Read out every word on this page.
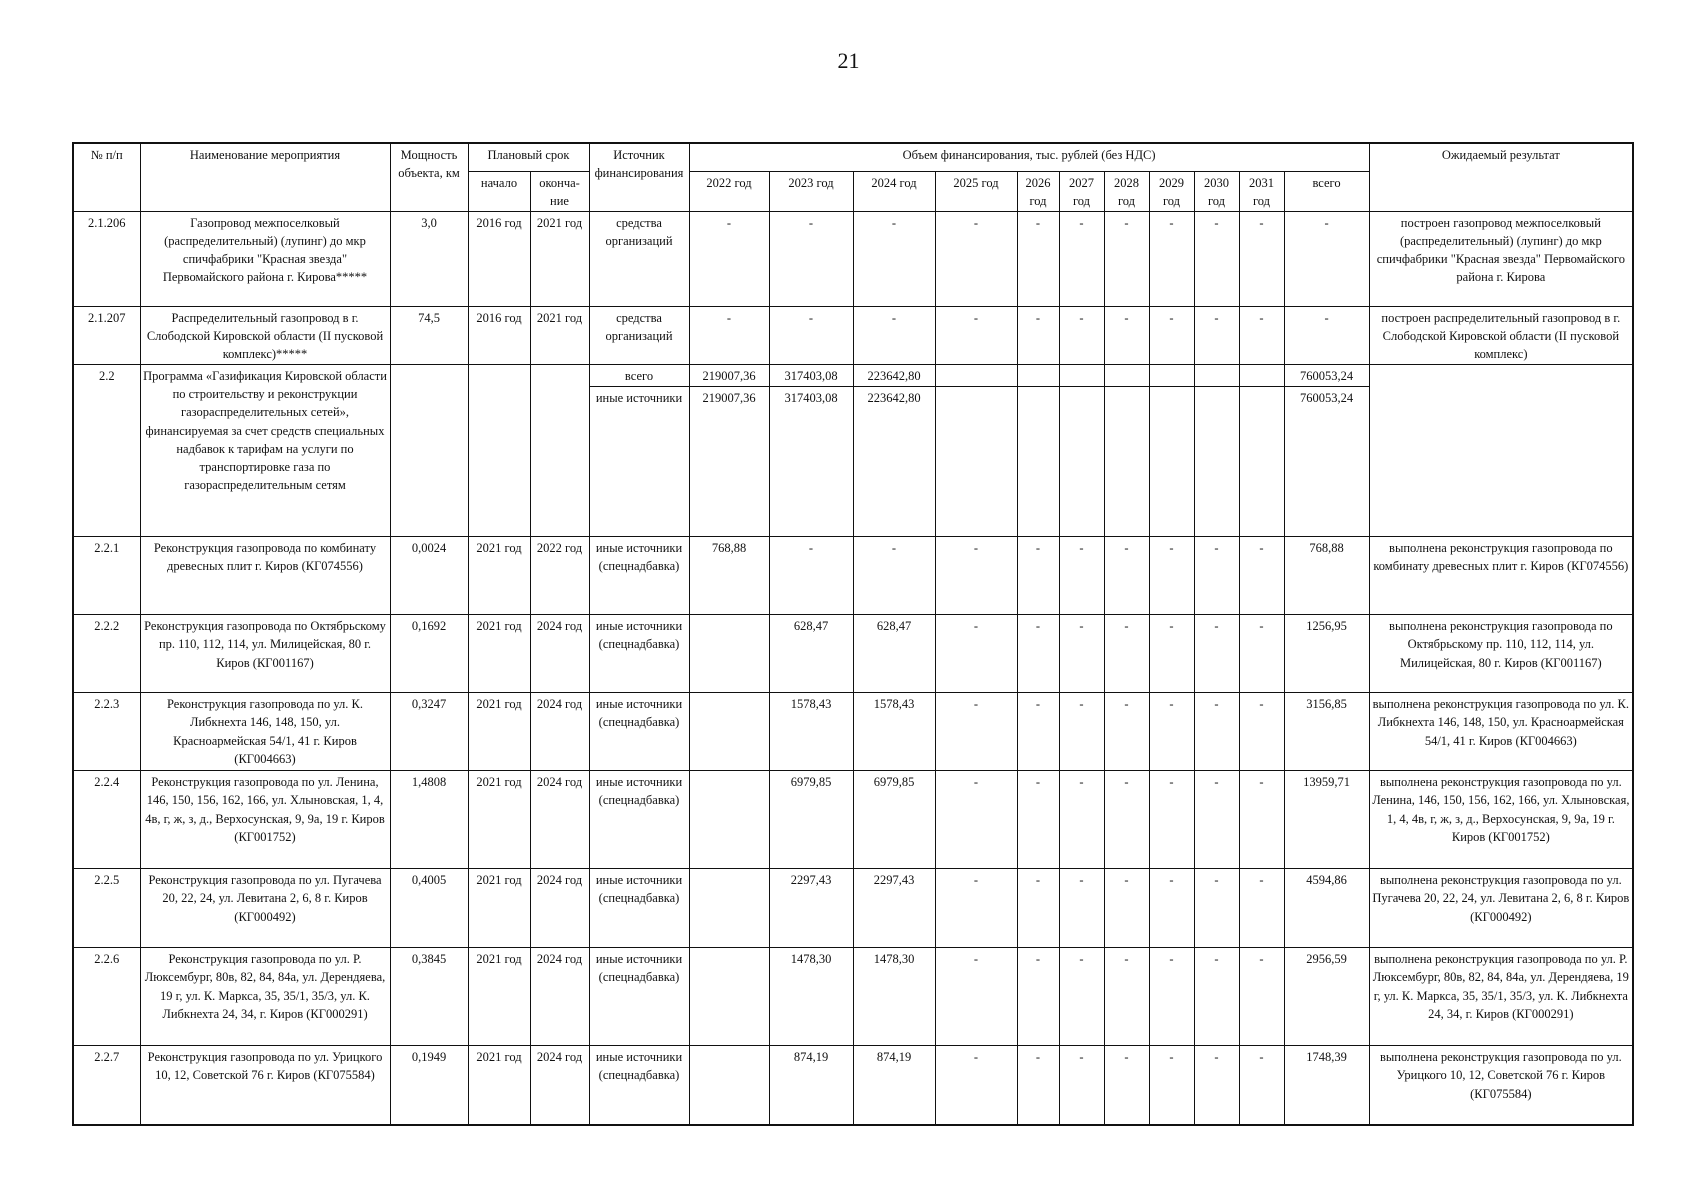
21
№ п/п	Наименование мероприятия	Мощность объекта, км	Плановый срок		Источник финансирования	Объем финансирования, тыс. рублей (без НДС)											Ожидаемый результат
			начало	оконча-ние		2022 год	2023 год	2024 год	2025 год	2026 год	2027 год	2028 год	2029 год	2030 год	2031 год	всего	
2.1.206	Газопровод межпоселковый (распределительный) (лупинг) до мкр спичфабрики "Красная звезда" Первомайского района г. Кирова*****	3,0	2016 год	2021 год	средства организаций	-	-	-	-	-	-	-	-	-	-	-	построен газопровод межпоселковый (распределительный) (лупинг) до мкр спичфабрики "Красная звезда" Первомайского района г. Кирова
2.1.207	Распределительный газопровод в г. Слободской Кировской области (II пусковой комплекс)*****	74,5	2016 год	2021 год	средства организаций	-	-	-	-	-	-	-	-	-	-	-	построен распределительный газопровод в г. Слободской Кировской области (II пусковой комплекс)
2.2	Программа «Газификация Кировской области по строительству и реконструкции газораспределительных сетей», финансируемая за счет средств специальных надбавок к тарифам на услуги по транспортировке газа по газораспределительным сетям				всего	219007,36	317403,08	223642,80								760053,24	
					иные источники	219007,36	317403,08	223642,80								760053,24	
2.2.1	Реконструкция газопровода по комбинату древесных плит г. Киров (КГ074556)	0,0024	2021 год	2022 год	иные источники (спецнадбавка)	768,88	-	-	-	-	-	-	-	-	-	768,88	выполнена реконструкция газопровода по комбинату древесных плит г. Киров (КГ074556)
2.2.2	Реконструкция газопровода по Октябрьскому пр. 110, 112, 114, ул. Милицейская, 80 г. Киров (КГ001167)	0,1692	2021 год	2024 год	иные источники (спецнадбавка)		628,47	628,47	-	-	-	-	-	-	-	1256,95	выполнена реконструкция газопровода по Октябрьскому пр. 110, 112, 114, ул. Милицейская, 80 г. Киров (КГ001167)
2.2.3	Реконструкция газопровода по ул. К. Либкнехта 146, 148, 150, ул. Красноармейская 54/1, 41 г. Киров (КГ004663)	0,3247	2021 год	2024 год	иные источники (спецнадбавка)		1578,43	1578,43	-	-	-	-	-	-	-	3156,85	выполнена реконструкция газопровода по ул. К. Либкнехта 146, 148, 150, ул. Красноармейская 54/1, 41 г. Киров (КГ004663)
2.2.4	Реконструкция газопровода по ул. Ленина, 146, 150, 156, 162, 166, ул. Хлыновская, 1, 4, 4в, г, ж, з, д., Верхосунская, 9, 9а, 19 г. Киров (КГ001752)	1,4808	2021 год	2024 год	иные источники (спецнадбавка)		6979,85	6979,85	-	-	-	-	-	-	-	13959,71	выполнена реконструкция газопровода по ул. Ленина, 146, 150, 156, 162, 166, ул. Хлыновская, 1, 4, 4в, г, ж, з, д., Верхосунская, 9, 9а, 19 г. Киров (КГ001752)
2.2.5	Реконструкция газопровода по ул. Пугачева 20, 22, 24, ул. Левитана 2, 6, 8 г. Киров (КГ000492)	0,4005	2021 год	2024 год	иные источники (спецнадбавка)		2297,43	2297,43	-	-	-	-	-	-	-	4594,86	выполнена реконструкция газопровода по ул. Пугачева 20, 22, 24, ул. Левитана 2, 6, 8 г. Киров (КГ000492)
2.2.6	Реконструкция газопровода по ул. Р. Люксембург, 80в, 82, 84, 84а, ул. Дерендяева, 19 г, ул. К. Маркса, 35, 35/1, 35/3, ул. К. Либкнехта 24, 34, г. Киров (КГ000291)	0,3845	2021 год	2024 год	иные источники (спецнадбавка)		1478,30	1478,30	-	-	-	-	-	-	-	2956,59	выполнена реконструкция газопровода по ул. Р. Люксембург, 80в, 82, 84, 84а, ул. Дерендяева, 19 г, ул. К. Маркса, 35, 35/1, 35/3, ул. К. Либкнехта 24, 34, г. Киров (КГ000291)
2.2.7	Реконструкция газопровода по ул. Урицкого 10, 12, Советской 76 г. Киров (КГ075584)	0,1949	2021 год	2024 год	иные источники (спецнадбавка)		874,19	874,19	-	-	-	-	-	-	-	1748,39	выполнена реконструкция газопровода по ул. Урицкого 10, 12, Советской 76 г. Киров (КГ075584)
